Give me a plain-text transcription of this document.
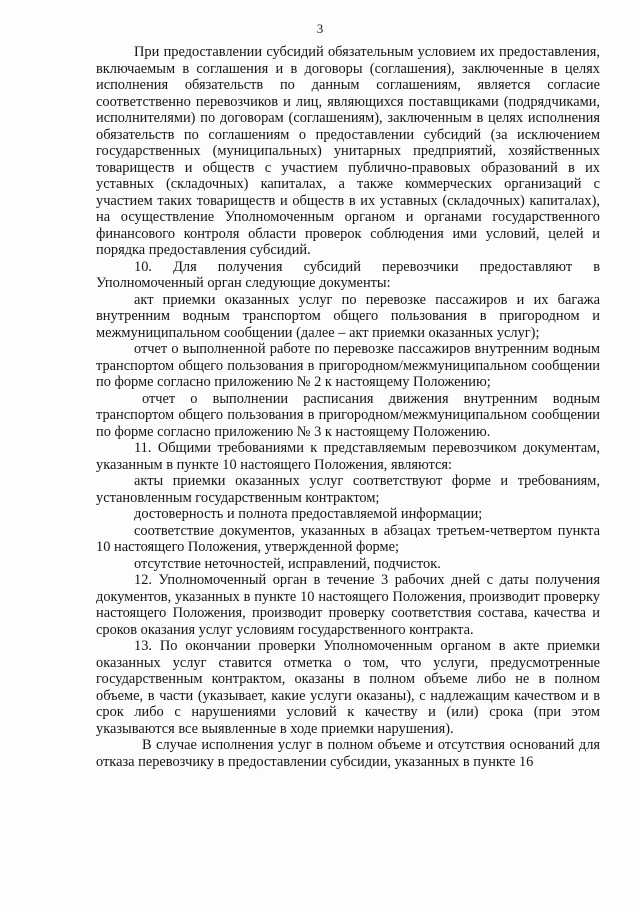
3

При предоставлении субсидий обязательным условием их предоставления, включаемым в соглашения и в договоры (соглашения), заключенные в целях исполнения обязательств по данным соглашениям, является согласие соответственно перевозчиков и лиц, являющихся поставщиками (подрядчиками, исполнителями) по договорам (соглашениям), заключенным в целях исполнения обязательств по соглашениям о предоставлении субсидий (за исключением государственных (муниципальных) унитарных предприятий, хозяйственных товариществ и обществ с участием публично-правовых образований в их уставных (складочных) капиталах, а также коммерческих организаций с участием таких товариществ и обществ в их уставных (складочных) капиталах), на осуществление Уполномоченным органом и органами государственного финансового контроля области проверок соблюдения ими условий, целей и порядка предоставления субсидий.

10. Для получения субсидий перевозчики предоставляют в Уполномоченный орган следующие документы:

акт приемки оказанных услуг по перевозке пассажиров и их багажа внутренним водным транспортом общего пользования в пригородном и межмуниципальном сообщении (далее – акт приемки оказанных услуг);

отчет о выполненной работе по перевозке пассажиров внутренним водным транспортом общего пользования в пригородном/межмуниципальном сообщении по форме согласно приложению № 2 к настоящему Положению;

отчет о выполнении расписания движения внутренним водным транспортом общего пользования в пригородном/межмуниципальном сообщении по форме согласно приложению № 3 к настоящему Положению.

11. Общими требованиями к представляемым перевозчиком документам, указанным в пункте 10 настоящего Положения, являются:

акты приемки оказанных услуг соответствуют форме и требованиям, установленным государственным контрактом;

достоверность и полнота предоставляемой информации;

соответствие документов, указанных в абзацах третьем-четвертом пункта 10 настоящего Положения, утвержденной форме;

отсутствие неточностей, исправлений, подчисток.

12. Уполномоченный орган в течение 3 рабочих дней с даты получения документов, указанных в пункте 10 настоящего Положения, производит проверку настоящего Положения, производит проверку соответствия состава, качества и сроков оказания услуг условиям государственного контракта.

13. По окончании проверки Уполномоченным органом в акте приемки оказанных услуг ставится отметка о том, что услуги, предусмотренные государственным контрактом, оказаны в полном объеме либо не в полном объеме, в части (указывает, какие услуги оказаны), с надлежащим качеством и в срок либо с нарушениями условий к качеству и (или) срока (при этом указываются все выявленные в ходе приемки нарушения).

В случае исполнения услуг в полном объеме и отсутствия оснований для отказа перевозчику в предоставлении субсидии, указанных в пункте 16
